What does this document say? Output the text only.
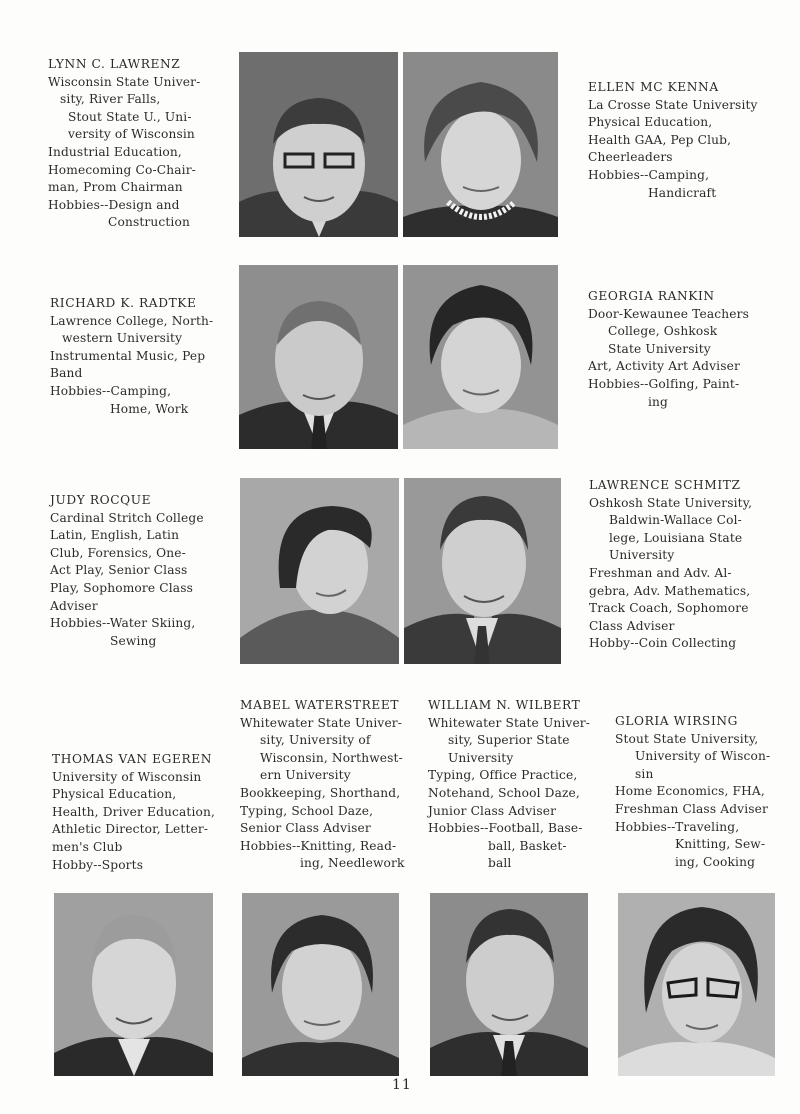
LYNN C. LAWRENZ
Wisconsin State Univer-
sity, River Falls,
Stout State U., Uni-
versity of Wisconsin
Industrial Education,
Homecoming Co-Chair-
man, Prom Chairman
Hobbies--Design and
Construction
ELLEN MC KENNA
La Crosse State University
Physical Education,
Health GAA, Pep Club,
Cheerleaders
Hobbies--Camping,
Handicraft
RICHARD K. RADTKE
Lawrence College, North-
western University
Instrumental Music, Pep
Band
Hobbies--Camping,
Home, Work
GEORGIA RANKIN
Door-Kewaunee Teachers
College, Oshkosk
State University
Art, Activity Art Adviser
Hobbies--Golfing, Paint-
ing
JUDY ROCQUE
Cardinal Stritch College
Latin, English, Latin
Club, Forensics, One-
Act Play, Senior Class
Play, Sophomore Class
Adviser
Hobbies--Water Skiing,
Sewing
LAWRENCE SCHMITZ
Oshkosh State University,
Baldwin-Wallace Col-
lege, Louisiana State
University
Freshman and Adv. Al-
gebra, Adv. Mathematics,
Track Coach, Sophomore
Class Adviser
Hobby--Coin Collecting
THOMAS VAN EGEREN
University of Wisconsin
Physical Education,
Health, Driver Education,
Athletic Director, Letter-
men's Club
Hobby--Sports
MABEL WATERSTREET
Whitewater State Univer-
sity, University of
Wisconsin, Northwest-
ern University
Bookkeeping, Shorthand,
Typing, School Daze,
Senior Class Adviser
Hobbies--Knitting, Read-
ing, Needlework
WILLIAM N. WILBERT
Whitewater State Univer-
sity, Superior State
University
Typing, Office Practice,
Notehand, School Daze,
Junior Class Adviser
Hobbies--Football, Base-
ball, Basket-
ball
GLORIA WIRSING
Stout State University,
University of Wiscon-
sin
Home Economics, FHA,
Freshman Class Adviser
Hobbies--Traveling,
Knitting, Sew-
ing, Cooking
11
